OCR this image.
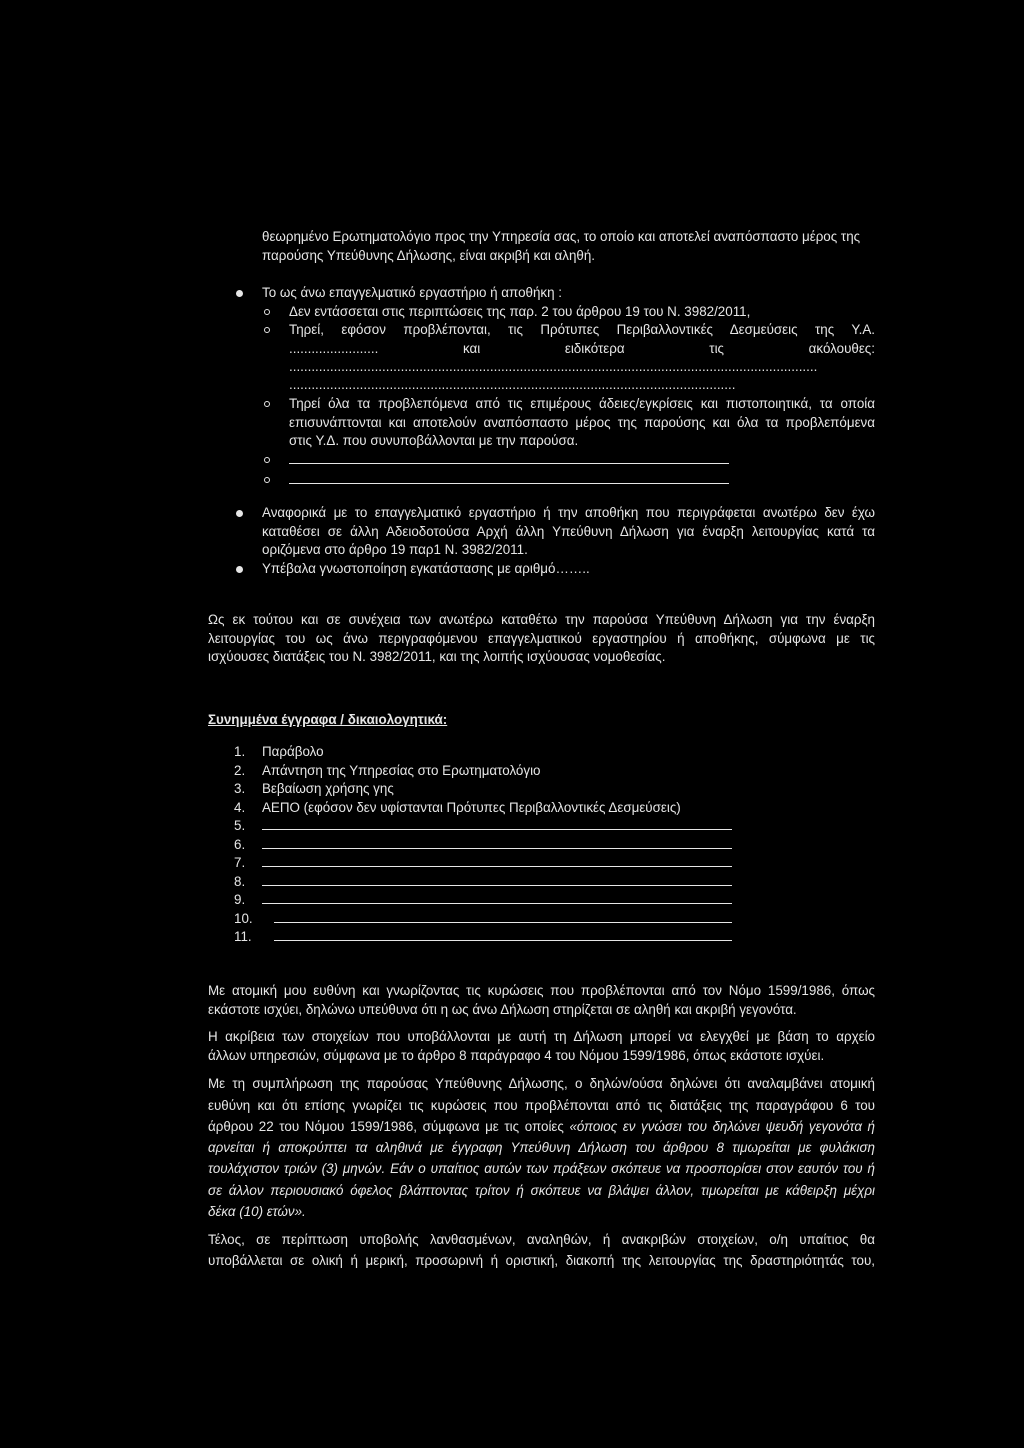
θεωρημένο Ερωτηματολόγιο προς την Υπηρεσία σας, το οποίο και αποτελεί αναπόσπαστο μέρος της
παρούσης Υπεύθυνης Δήλωσης, είναι ακριβή και αληθή.
Το ως άνω επαγγελματικό εργαστήριο ή αποθήκη :
Δεν εντάσσεται στις περιπτώσεις της παρ. 2 του άρθρου 19 του Ν. 3982/2011,
Τηρεί, εφόσον προβλέπονται, τις Πρότυπες Περιβαλλοντικές Δεσμεύσεις της Υ.Α.
........................ και ειδικότερα τις ακόλουθες:
..............................................................................................................................................
........................................................................................................................
Τηρεί όλα τα προβλεπόμενα από τις επιμέρους άδειες/εγκρίσεις και πιστοποιητικά, τα οποία
επισυνάπτονται και αποτελούν αναπόσπαστο μέρος της παρούσης και όλα τα προβλεπόμενα
στις Υ.Δ. που συνυποβάλλονται με την παρούσα.
Αναφορικά με το επαγγελματικό εργαστήριο ή την αποθήκη που περιγράφεται ανωτέρω δεν έχω
καταθέσει σε άλλη Αδειοδοτούσα Αρχή άλλη Υπεύθυνη Δήλωση για έναρξη λειτουργίας κατά τα
οριζόμενα στο άρθρο 19 παρ1 Ν. 3982/2011.
Υπέβαλα γνωστοποίηση εγκατάστασης με αριθμό……..
Ως εκ τούτου και σε συνέχεια των ανωτέρω καταθέτω την παρούσα Υπεύθυνη Δήλωση για την έναρξη
λειτουργίας του ως άνω περιγραφόμενου επαγγελματικού εργαστηρίου ή αποθήκης, σύμφωνα με τις
ισχύουσες διατάξεις του Ν. 3982/2011, και της λοιπής ισχύουσας νομοθεσίας.
Συνημμένα έγγραφα / δικαιολογητικά:
1. Παράβολο
2. Απάντηση της Υπηρεσίας στο Ερωτηματολόγιο
3. Βεβαίωση χρήσης γης
4. ΑΕΠΟ (εφόσον δεν υφίστανται Πρότυπες Περιβαλλοντικές Δεσμεύσεις)
5.
6.
7.
8.
9.
10.
11.
Με ατομική μου ευθύνη και γνωρίζοντας τις κυρώσεις που προβλέπονται από τον Νόμο 1599/1986, όπως
εκάστοτε ισχύει, δηλώνω υπεύθυνα ότι η ως άνω Δήλωση στηρίζεται σε αληθή και ακριβή γεγονότα.
Η ακρίβεια των στοιχείων που υποβάλλονται με αυτή τη Δήλωση μπορεί να ελεγχθεί με βάση το αρχείο
άλλων υπηρεσιών, σύμφωνα με το άρθρο 8 παράγραφο 4 του Νόμου 1599/1986, όπως εκάστοτε ισχύει.
Με τη συμπλήρωση της παρούσας Υπεύθυνης Δήλωσης, ο δηλών/ούσα δηλώνει ότι αναλαμβάνει ατομική
ευθύνη και ότι επίσης γνωρίζει τις κυρώσεις που προβλέπονται από τις διατάξεις της παραγράφου 6 του
άρθρου 22 του Νόμου 1599/1986, σύμφωνα με τις οποίες «όποιος εν γνώσει του δηλώνει ψευδή γεγονότα ή
αρνείται ή αποκρύπτει τα αληθινά με έγγραφη Υπεύθυνη Δήλωση του άρθρου 8 τιμωρείται με φυλάκιση
τουλάχιστον τριών (3) μηνών. Εάν ο υπαίτιος αυτών των πράξεων σκόπευε να προσπορίσει στον εαυτόν του ή
σε άλλον περιουσιακό όφελος βλάπτοντας τρίτον ή σκόπευε να βλάψει άλλον, τιμωρείται με κάθειρξη μέχρι
δέκα (10) ετών».
Τέλος, σε περίπτωση υποβολής λανθασμένων, αναληθών, ή ανακριβών στοιχείων, ο/η υπαίτιος θα
υποβάλλεται σε ολική ή μερική, προσωρινή ή οριστική, διακοπή της λειτουργίας της δραστηριότητάς του,
